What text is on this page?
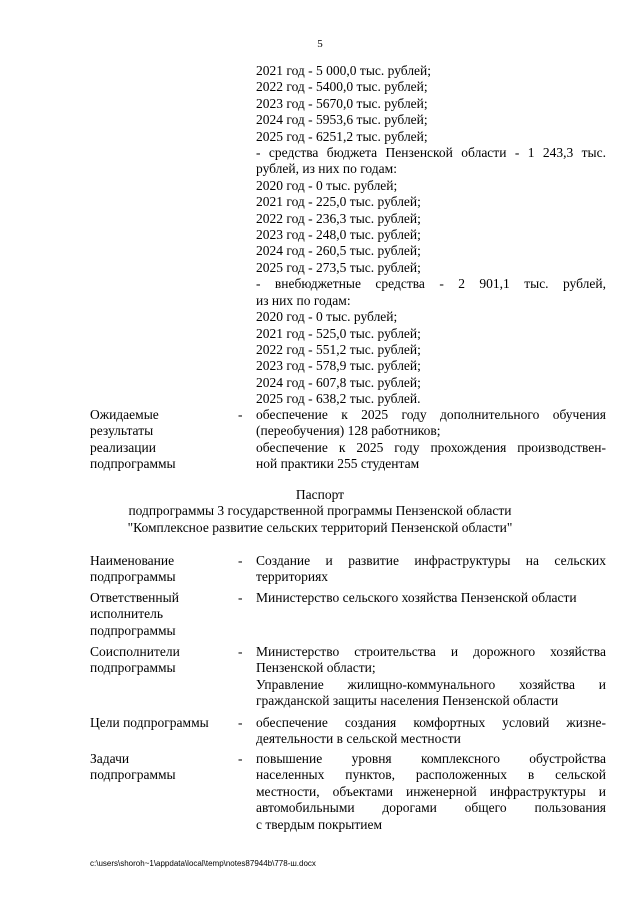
5
2021 год - 5 000,0 тыс. рублей;
2022 год - 5400,0 тыс. рублей;
2023 год - 5670,0 тыс. рублей;
2024 год - 5953,6 тыс. рублей;
2025 год - 6251,2 тыс. рублей;
- средства бюджета Пензенской области - 1 243,3 тыс. рублей, из них по годам:
2020 год - 0 тыс. рублей;
2021 год - 225,0 тыс. рублей;
2022 год - 236,3 тыс. рублей;
2023 год - 248,0 тыс. рублей;
2024 год - 260,5 тыс. рублей;
2025 год - 273,5 тыс. рублей;
- внебюджетные средства - 2 901,1 тыс. рублей,
из них по годам:
2020 год - 0 тыс. рублей;
2021 год - 525,0 тыс. рублей;
2022 год - 551,2 тыс. рублей;
2023 год - 578,9 тыс. рублей;
2024 год - 607,8 тыс. рублей;
2025 год - 638,2 тыс. рублей.
Ожидаемые
результаты
реализации
подпрограммы
-	обеспечение к 2025 году дополнительного обучения
(переобучения) 128 работников;
обеспечение к 2025 году прохождения производствен-
ной практики 255 студентам
Паспорт
подпрограммы 3 государственной программы Пензенской области
"Комплексное развитие сельских территорий Пензенской области"
Наименование
подпрограммы
-	Создание и развитие инфраструктуры на сельских
территориях
Ответственный
исполнитель
подпрограммы
-	Министерство сельского хозяйства Пензенской области
Соисполнители
подпрограммы
-	Министерство строительства и дорожного хозяйства
Пензенской области;
Управление жилищно-коммунального хозяйства и
гражданской защиты населения Пензенской области
Цели подпрограммы	-	обеспечение создания комфортных условий жизне-
деятельности в сельской местности
Задачи
подпрограммы
-	повышение уровня комплексного обустройства
населенных пунктов, расположенных в сельской
местности, объектами инженерной инфраструктуры и
автомобильными дорогами общего пользования
с твердым покрытием
c:\users\shoroh~1\appdata\local\temp\notes87944b\778-ш.docx
